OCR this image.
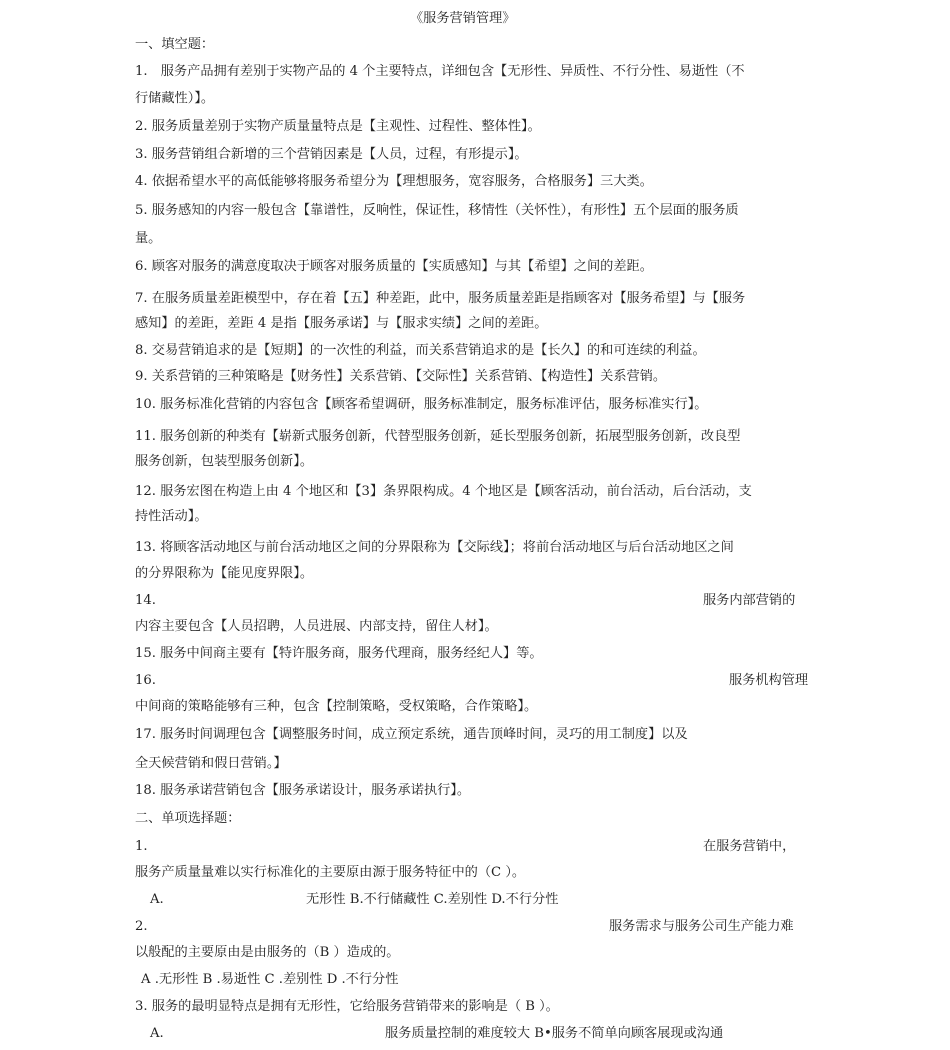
《服务营销管理》
一、填空题：
1.　服务产品拥有差别于实物产品的 4 个主要特点，详细包含【无形性、异质性、不行分性、易逝性（不
行储藏性）】。
2. 服务质量差别于实物产质量量特点是【主观性、过程性、整体性】。
3. 服务营销组合新增的三个营销因素是【人员，过程，有形提示】。
4. 依据希望水平的高低能够将服务希望分为【理想服务，宽容服务，合格服务】三大类。
5. 服务感知的内容一般包含【靠谱性，反响性，保证性，移情性（关怀性），有形性】五个层面的服务质
量。
6. 顾客对服务的满意度取决于顾客对服务质量的【实质感知】与其【希望】之间的差距。
7. 在服务质量差距模型中，存在着【五】种差距，此中，服务质量差距是指顾客对【服务希望】与【服务
感知】的差距，差距 4 是指【服务承诺】与【服求实绩】之间的差距。
8. 交易营销追求的是【短期】的一次性的利益，而关系营销追求的是【长久】的和可连续的利益。
9. 关系营销的三种策略是【财务性】关系营销、【交际性】关系营销、【构造性】关系营销。
10. 服务标准化营销的内容包含【顾客希望调研，服务标准制定，服务标准评估，服务标准实行】。
11. 服务创新的种类有【崭新式服务创新，代替型服务创新，延长型服务创新，拓展型服务创新，改良型
服务创新，包装型服务创新】。
12. 服务宏图在构造上由 4 个地区和【3】条界限构成。4 个地区是【顾客活动，前台活动，后台活动，支
持性活动】。
13. 将顾客活动地区与前台活动地区之间的分界限称为【交际线】；将前台活动地区与后台活动地区之间
的分界限称为【能见度界限】。
14.	服务内部营销的
内容主要包含【人员招聘，人员进展、内部支持，留住人材】。
15. 服务中间商主要有【特许服务商，服务代理商，服务经纪人】等。
16.	服务机构管理
中间商的策略能够有三种，包含【控制策略，受权策略，合作策略】。
17. 服务时间调理包含【调整服务时间，成立预定系统，通告顶峰时间，灵巧的用工制度】以及
全天候营销和假日营销。】
18. 服务承诺营销包含【服务承诺设计，服务承诺执行】。
二、单项选择题：
1.	在服务营销中，
服务产质量量难以实行标准化的主要原由源于服务特征中的（C ）。
A.	无形性 B.不行储藏性 C.差别性 D.不行分性
2.	服务需求与服务公司生产能力难
以般配的主要原由是由服务的（B ）造成的。
A .无形性 B .易逝性 C .差别性 D .不行分性
3. 服务的最明显特点是拥有无形性，它给服务营销带来的影响是（ B ）。
A.	服务质量控制的难度较大 B•服务不简单向顾客展现或沟通
